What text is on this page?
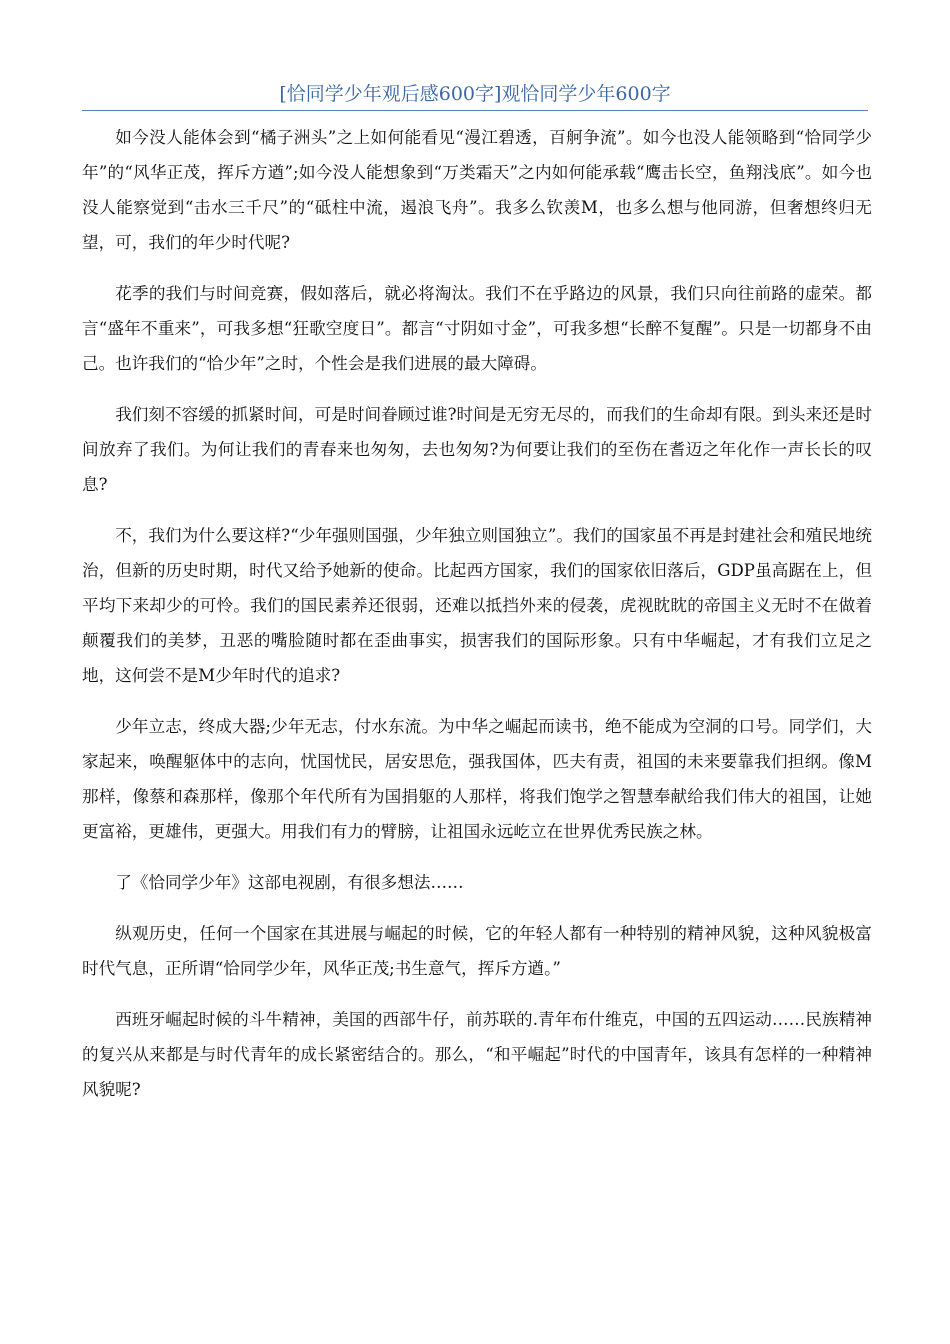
[恰同学少年观后感600字]观恰同学少年600字

如今没人能体会到“橘子洲头”之上如何能看见“漫江碧透，百舸争流”。如今也没人能领略到“恰同学少年”的“风华正茂，挥斥方遒”;如今没人能想象到“万类霜天”之内如何能承载“鹰击长空，鱼翔浅底”。如今也没人能察觉到“击水三千尺”的“砥柱中流，遏浪飞舟”。我多么钦羡M，也多么想与他同游，但奢想终归无望，可，我们的年少时代呢?

花季的我们与时间竞赛，假如落后，就必将淘汰。我们不在乎路边的风景，我们只向往前路的虚荣。都言“盛年不重来”，可我多想“狂歌空度日”。都言“寸阴如寸金”，可我多想“长醉不复醒”。只是一切都身不由己。也许我们的“恰少年”之时，个性会是我们进展的最大障碍。

我们刻不容缓的抓紧时间，可是时间眷顾过谁?时间是无穷无尽的，而我们的生命却有限。到头来还是时间放弃了我们。为何让我们的青春来也匆匆，去也匆匆?为何要让我们的至伤在耆迈之年化作一声长长的叹息?

不，我们为什么要这样?“少年强则国强，少年独立则国独立”。我们的国家虽不再是封建社会和殖民地统治，但新的历史时期，时代又给予她新的使命。比起西方国家，我们的国家依旧落后，GDP虽高踞在上，但平均下来却少的可怜。我们的国民素养还很弱，还难以抵挡外来的侵袭，虎视眈眈的帝国主义无时不在做着颠覆我们的美梦，丑恶的嘴脸随时都在歪曲事实，损害我们的国际形象。只有中华崛起，才有我们立足之地，这何尝不是M少年时代的追求?

少年立志，终成大器;少年无志，付水东流。为中华之崛起而读书，绝不能成为空洞的口号。同学们，大家起来，唤醒躯体中的志向，忧国忧民，居安思危，强我国体，匹夫有责，祖国的未来要靠我们担纲。像M那样，像蔡和森那样，像那个年代所有为国捐躯的人那样，将我们饱学之智慧奉献给我们伟大的祖国，让她更富裕，更雄伟，更强大。用我们有力的臂膀，让祖国永远屹立在世界优秀民族之林。

了《恰同学少年》这部电视剧，有很多想法……

纵观历史，任何一个国家在其进展与崛起的时候，它的年轻人都有一种特别的精神风貌，这种风貌极富时代气息，正所谓“恰同学少年，风华正茂;书生意气，挥斥方遒。”

西班牙崛起时候的斗牛精神，美国的西部牛仔，前苏联的.青年布什维克，中国的五四运动……民族精神的复兴从来都是与时代青年的成长紧密结合的。那么，“和平崛起”时代的中国青年，该具有怎样的一种精神风貌呢?
